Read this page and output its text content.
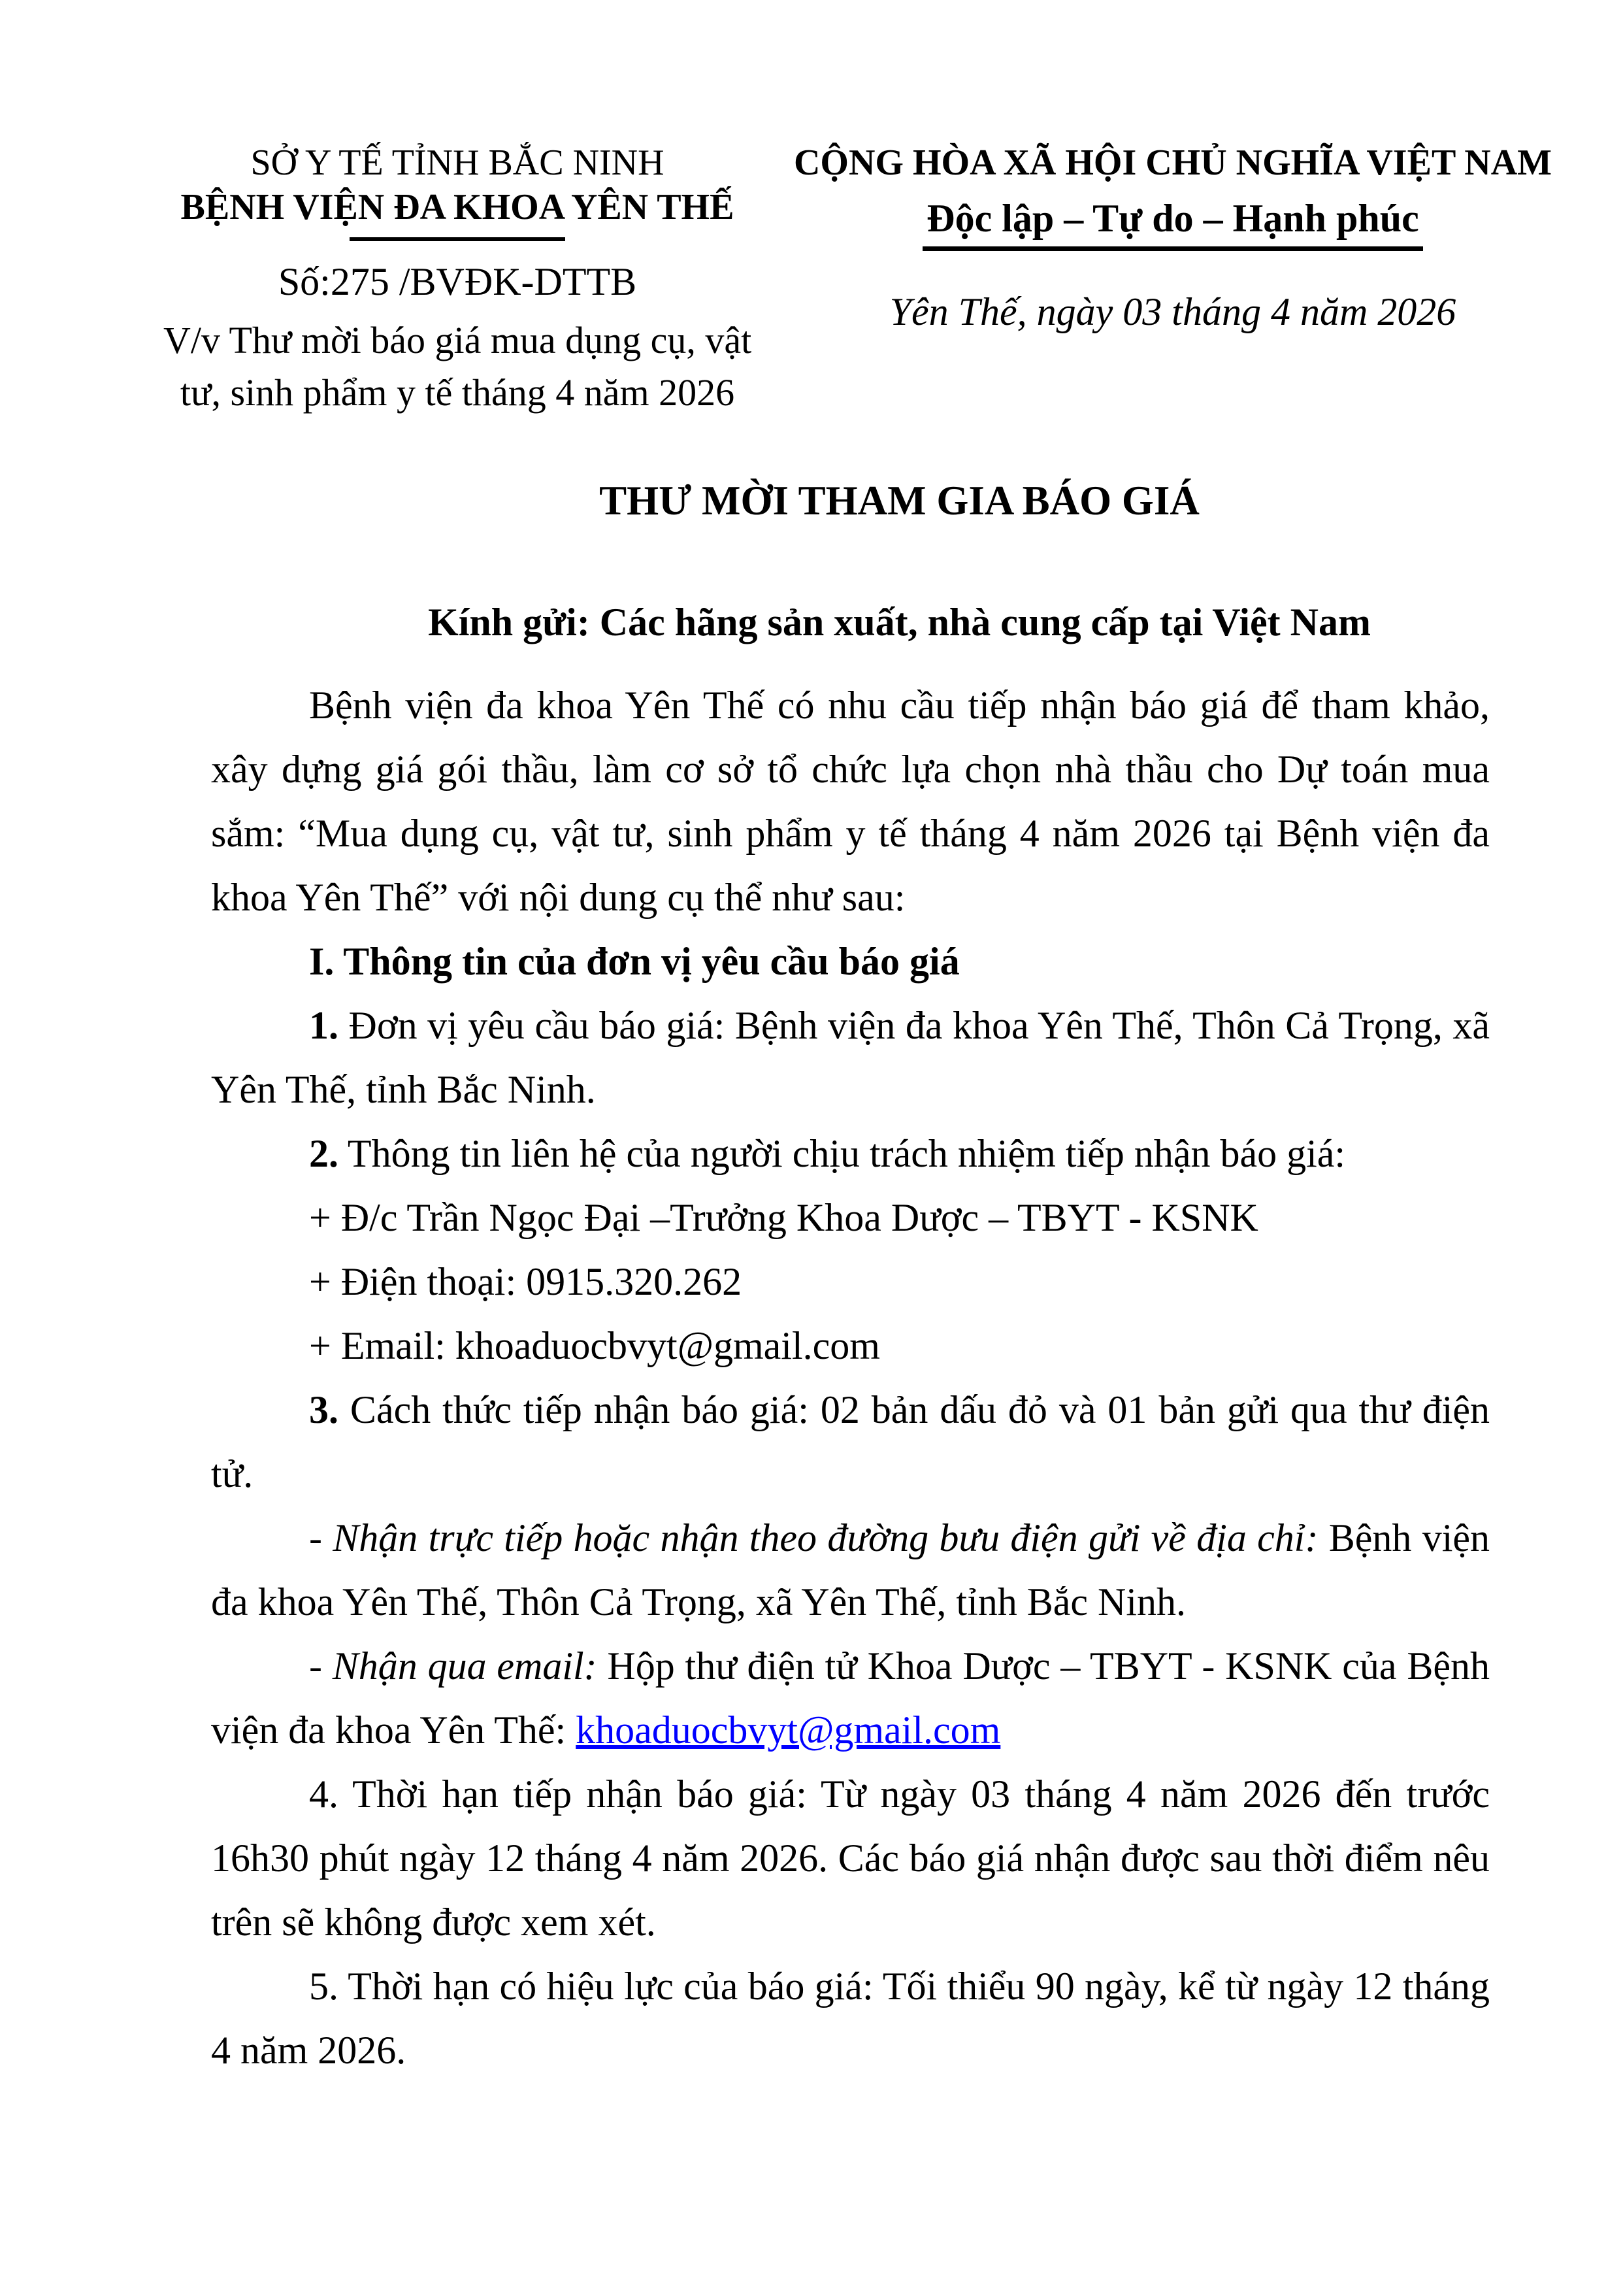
SỞ Y TẾ TỈNH BẮC NINH
BỆNH VIỆN ĐA KHOA YÊN THẾ
Số:275 /BVĐK-DTTB
V/v Thư mời báo giá mua dụng cụ, vật
tư, sinh phẩm y tế tháng 4 năm 2026
CỘNG HÒA XÃ HỘI CHỦ NGHĨA VIỆT NAM
Độc lập – Tự do – Hạnh phúc
Yên Thế, ngày 03 tháng 4 năm 2026
THƯ MỜI THAM GIA BÁO GIÁ
Kính gửi: Các hãng sản xuất, nhà cung cấp tại Việt Nam

Bệnh viện đa khoa Yên Thế có nhu cầu tiếp nhận báo giá để tham khảo, xây dựng giá gói thầu, làm cơ sở tổ chức lựa chọn nhà thầu cho Dự toán mua sắm: “Mua dụng cụ, vật tư, sinh phẩm y tế tháng 4 năm 2026 tại Bệnh viện đa khoa Yên Thế” với nội dung cụ thể như sau:

I. Thông tin của đơn vị yêu cầu báo giá

1. Đơn vị yêu cầu báo giá: Bệnh viện đa khoa Yên Thế, Thôn Cả Trọng, xã Yên Thế, tỉnh Bắc Ninh.

2. Thông tin liên hệ của người chịu trách nhiệm tiếp nhận báo giá:

+ Đ/c Trần Ngọc Đại –Trưởng Khoa Dược – TBYT - KSNK

+ Điện thoại: 0915.320.262

+ Email: khoaduocbvyt@gmail.com

3. Cách thức tiếp nhận báo giá: 02 bản dấu đỏ và 01 bản gửi qua thư điện tử.

- Nhận trực tiếp hoặc nhận theo đường bưu điện gửi về địa chỉ: Bệnh viện đa khoa Yên Thế, Thôn Cả Trọng, xã Yên Thế, tỉnh Bắc Ninh.

- Nhận qua email: Hộp thư điện tử Khoa Dược – TBYT - KSNK của Bệnh viện đa khoa Yên Thế: khoaduocbvyt@gmail.com

4. Thời hạn tiếp nhận báo giá: Từ ngày 03 tháng 4 năm 2026 đến trước 16h30 phút ngày 12 tháng 4 năm 2026. Các báo giá nhận được sau thời điểm nêu trên sẽ không được xem xét.

5. Thời hạn có hiệu lực của báo giá: Tối thiểu 90 ngày, kể từ ngày 12 tháng 4 năm 2026.
